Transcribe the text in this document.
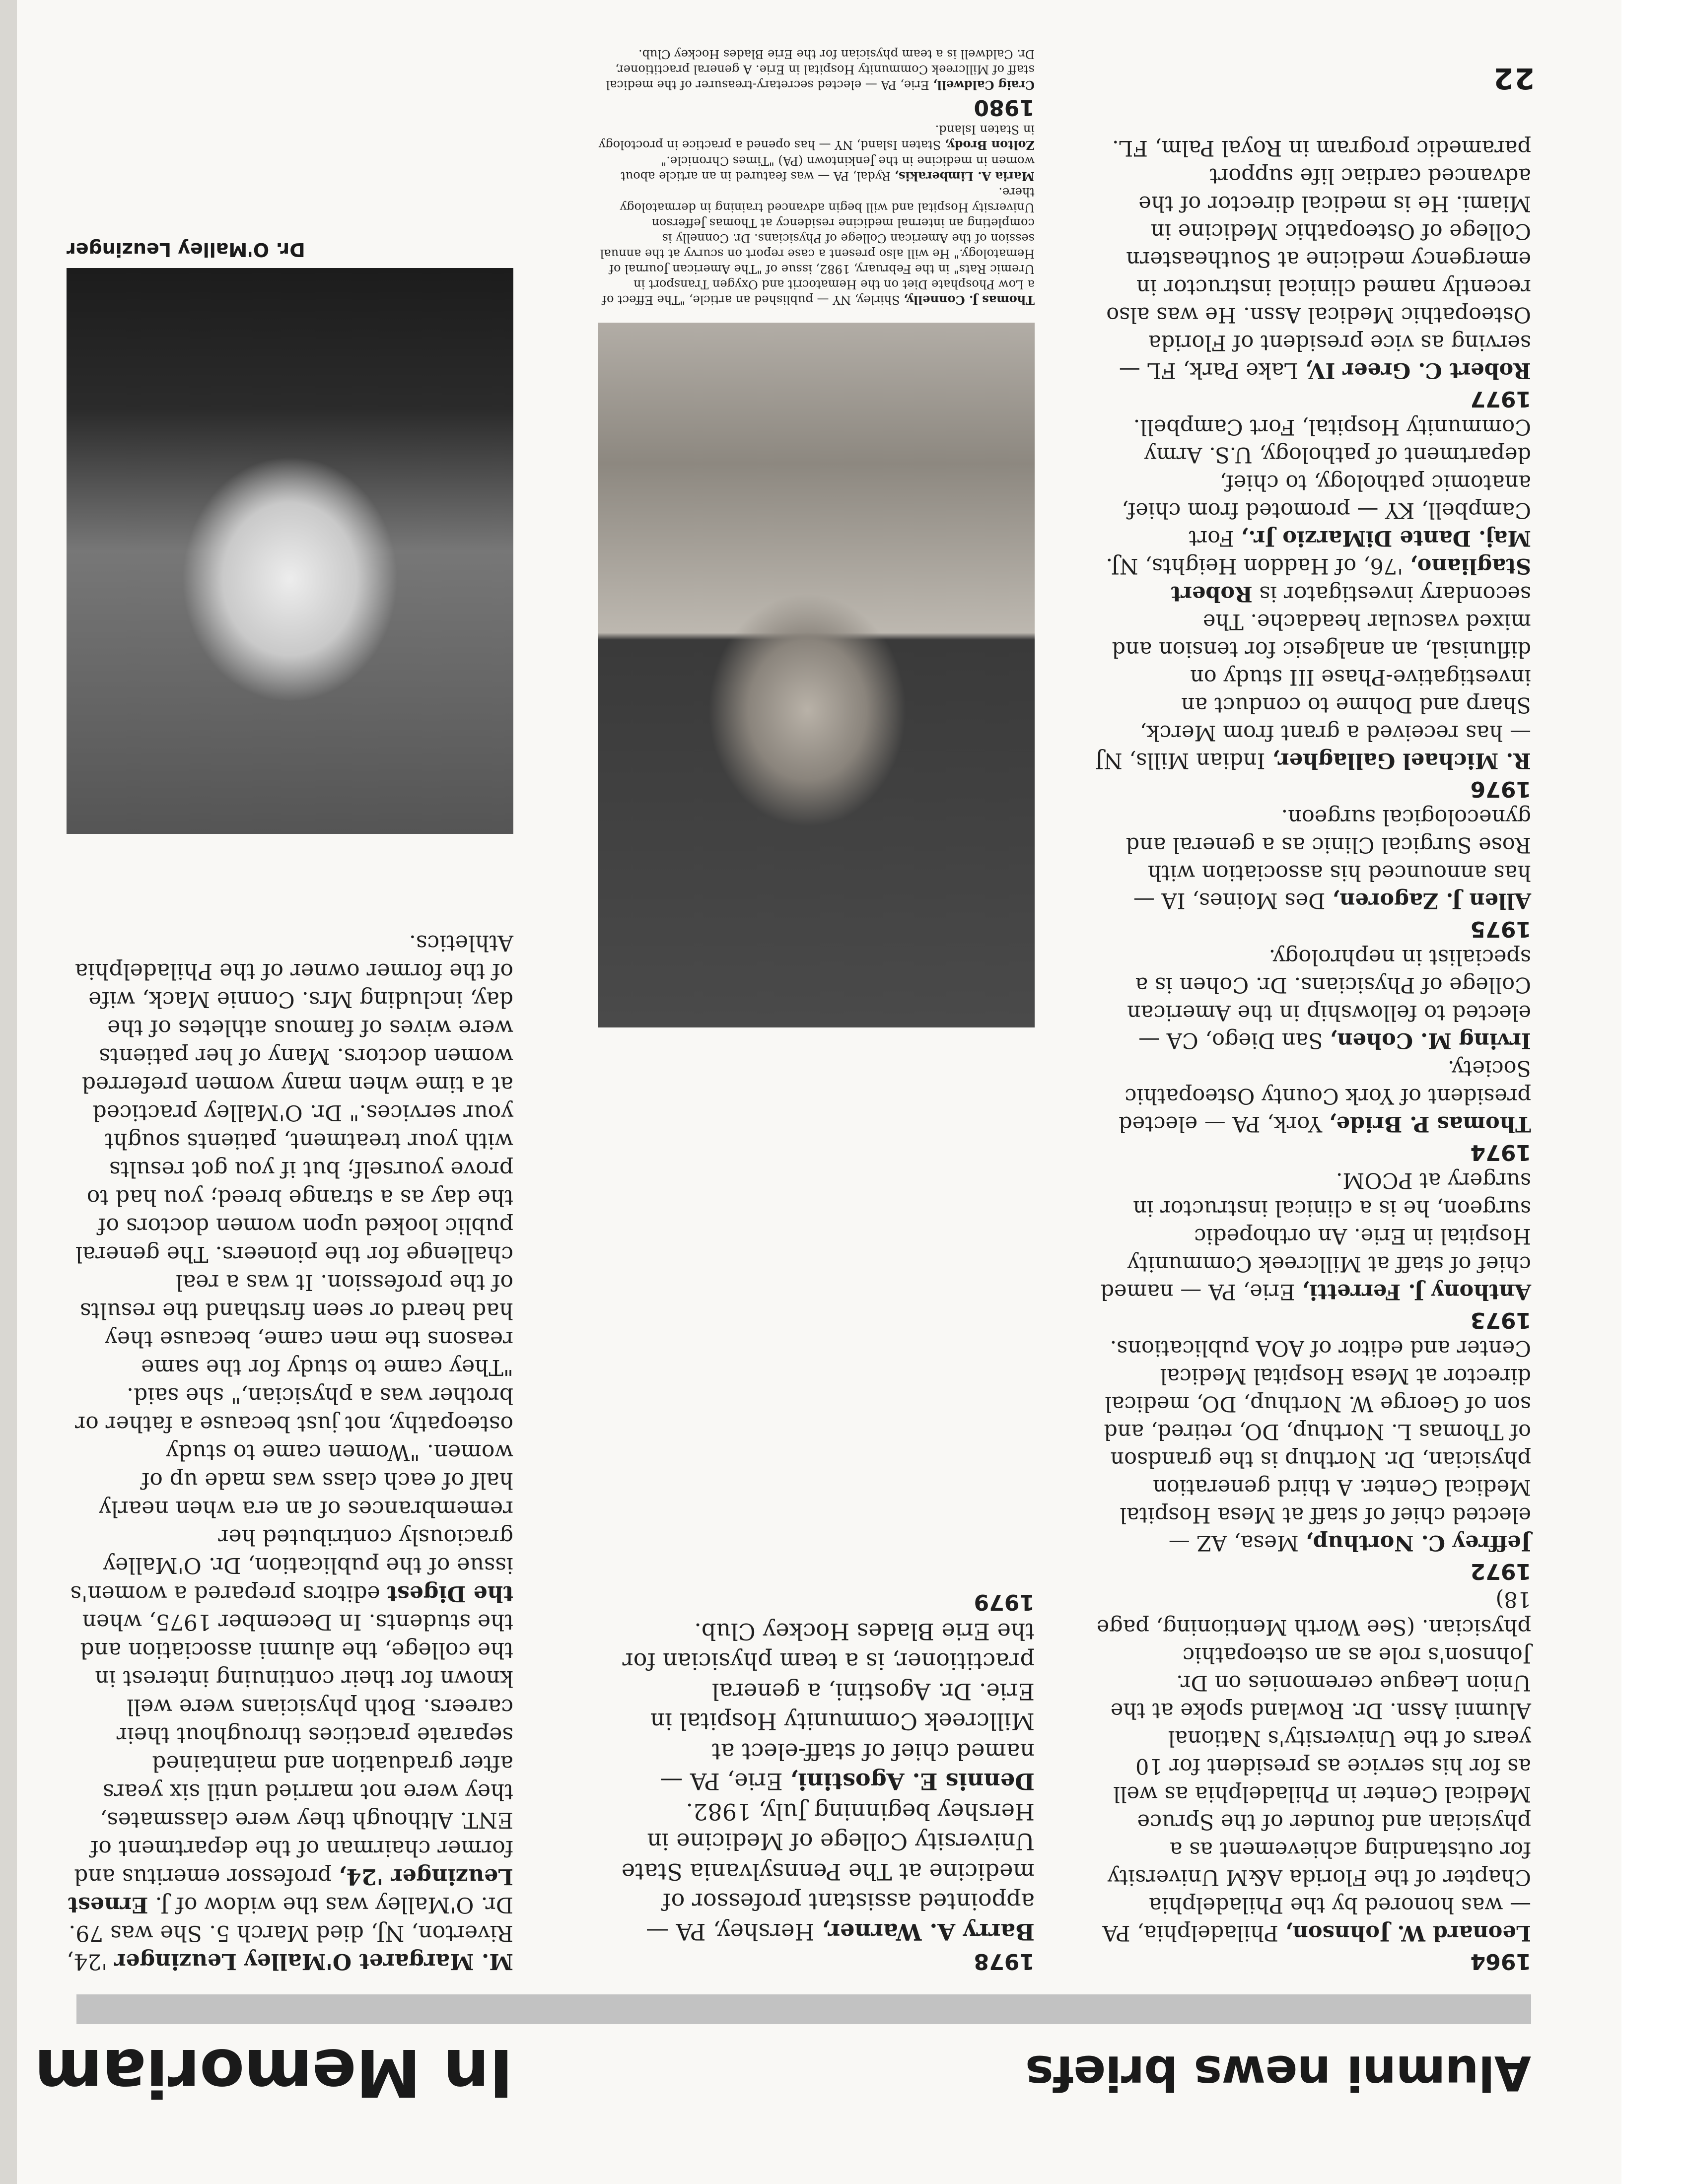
Alumni news briefs
In Memoriam
1964

Leonard W. Johnson, Philadelphia, PA — was honored by the Philadelphia Chapter of the Florida A&M University for outstanding achievement as a physician and founder of the Spruce Medical Center in Philadelphia as well as for his service as president for 10 years of the University's National Alumni Assn. Dr. Rowland spoke at the Union League ceremonies on Dr. Johnson's role as an osteopathic physician. (See Worth Mentioning, page 18)

1972

Jeffrey C. Northup, Mesa, AZ — elected chief of staff at Mesa Hospital Medical Center. A third generation physician, Dr. Northup is the grandson of Thomas L. Northup, DO, retired, and son of George W. Northup, DO, medical director at Mesa Hospital Medical Center and editor of AOA publications.

1973

Anthony J. Ferretti, Erie, PA — named chief of staff at Millcreek Community Hospital in Erie. An orthopedic surgeon, he is a clinical instructor in surgery at PCOM.

1974

Thomas P. Bride, York, PA — elected president of York County Osteopathic Society.

Irving M. Cohen, San Diego, CA — elected to fellowship in the American College of Physicians. Dr. Cohen is a specialist in nephrology.

1975

Allen J. Zagoren, Des Moines, IA — has announced his association with Rose Surgical Clinic as a general and gynecological surgeon.

1976

R. Michael Gallagher, Indian Mills, NJ — has received a grant from Merck, Sharp and Dohme to conduct an investigative-Phase III study on diflunisal, an analgesic for tension and mixed vascular headache. The secondary investigator is Robert Stagliano, '76, of Haddon Heights, NJ.

Maj. Dante DiMarzio Jr., Fort Campbell, KY — promoted from chief, anatomic pathology, to chief, department of pathology, U.S. Army Community Hospital, Fort Campbell.

1977

Robert C. Greer IV, Lake Park, FL — serving as vice president of Florida Osteopathic Medical Assn. He was also recently named clinical instructor in emergency medicine at Southeastern College of Osteopathic Medicine in Miami. He is medical director of the advanced cardiac life support paramedic program in Royal Palm, FL.

1978

Barry A. Warner, Hershey, PA — appointed assistant professor of medicine at The Pennsylvania State University College of Medicine in Hershey beginning July, 1982.

Dennis E. Agostini, Erie, PA — named chief of staff-elect at Millcreek Community Hospital in Erie. Dr. Agostini, a general practitioner, is a team physician for the Erie Blades Hockey Club.

1979

M. Margaret O'Malley Leuzinger '24, Riverton, NJ, died March 5. She was 79. Dr. O'Malley was the widow of J. Ernest Leuzinger '24, professor emeritus and former chairman of the department of ENT. Although they were classmates, they were not married until six years after graduation and maintained separate practices throughout their careers. Both physicians were well known for their continuing interest in the college, the alumni association and the students. In December 1975, when the Digest editors prepared a women's issue of the publication, Dr. O'Malley graciously contributed her remembrances of an era when nearly half of each class was made up of women. "Women came to study osteopathy, not just because a father or brother was a physician," she said. "They came to study for the same reasons the men came, because they had heard or seen firsthand the results of the profession. It was a real challenge for the pioneers. The general public looked upon women doctors of the day as a strange breed; you had to prove yourself; but if you got results with your treatment, patients sought your services." Dr. O'Malley practiced at a time when many women preferred women doctors. Many of her patients were wives of famous athletes of the day, including Mrs. Connie Mack, wife of the former owner of the Philadelphia Athletics.

Dr. O'Malley Leuzinger
22

Thomas J. Connelly, Shirley, NY — published an article, "The Effect of a Low Phosphate Diet on the Hematocrit and Oxygen Transport in Uremic Rats" in the February, 1982, issue of "The American Journal of Hematology." He will also present a case report on scurvy at the annual session of the American College of Physicians. Dr. Connelly is completing an internal medicine residency at Thomas Jefferson University Hospital and will begin advanced training in dermatology there.

Maria A. Limberakis, Rydal, PA — was featured in an article about women in medicine in the Jenkintown (PA) "Times Chronicle."

Zolton Brody, Staten Island, NY — has opened a practice in proctology in Staten Island.

1980

Craig Caldwell, Erie, PA — elected secretary-treasurer of the medical staff of Millcreek Community Hospital in Erie. A general practitioner, Dr. Caldwell is a team physician for the Erie Blades Hockey Club.
